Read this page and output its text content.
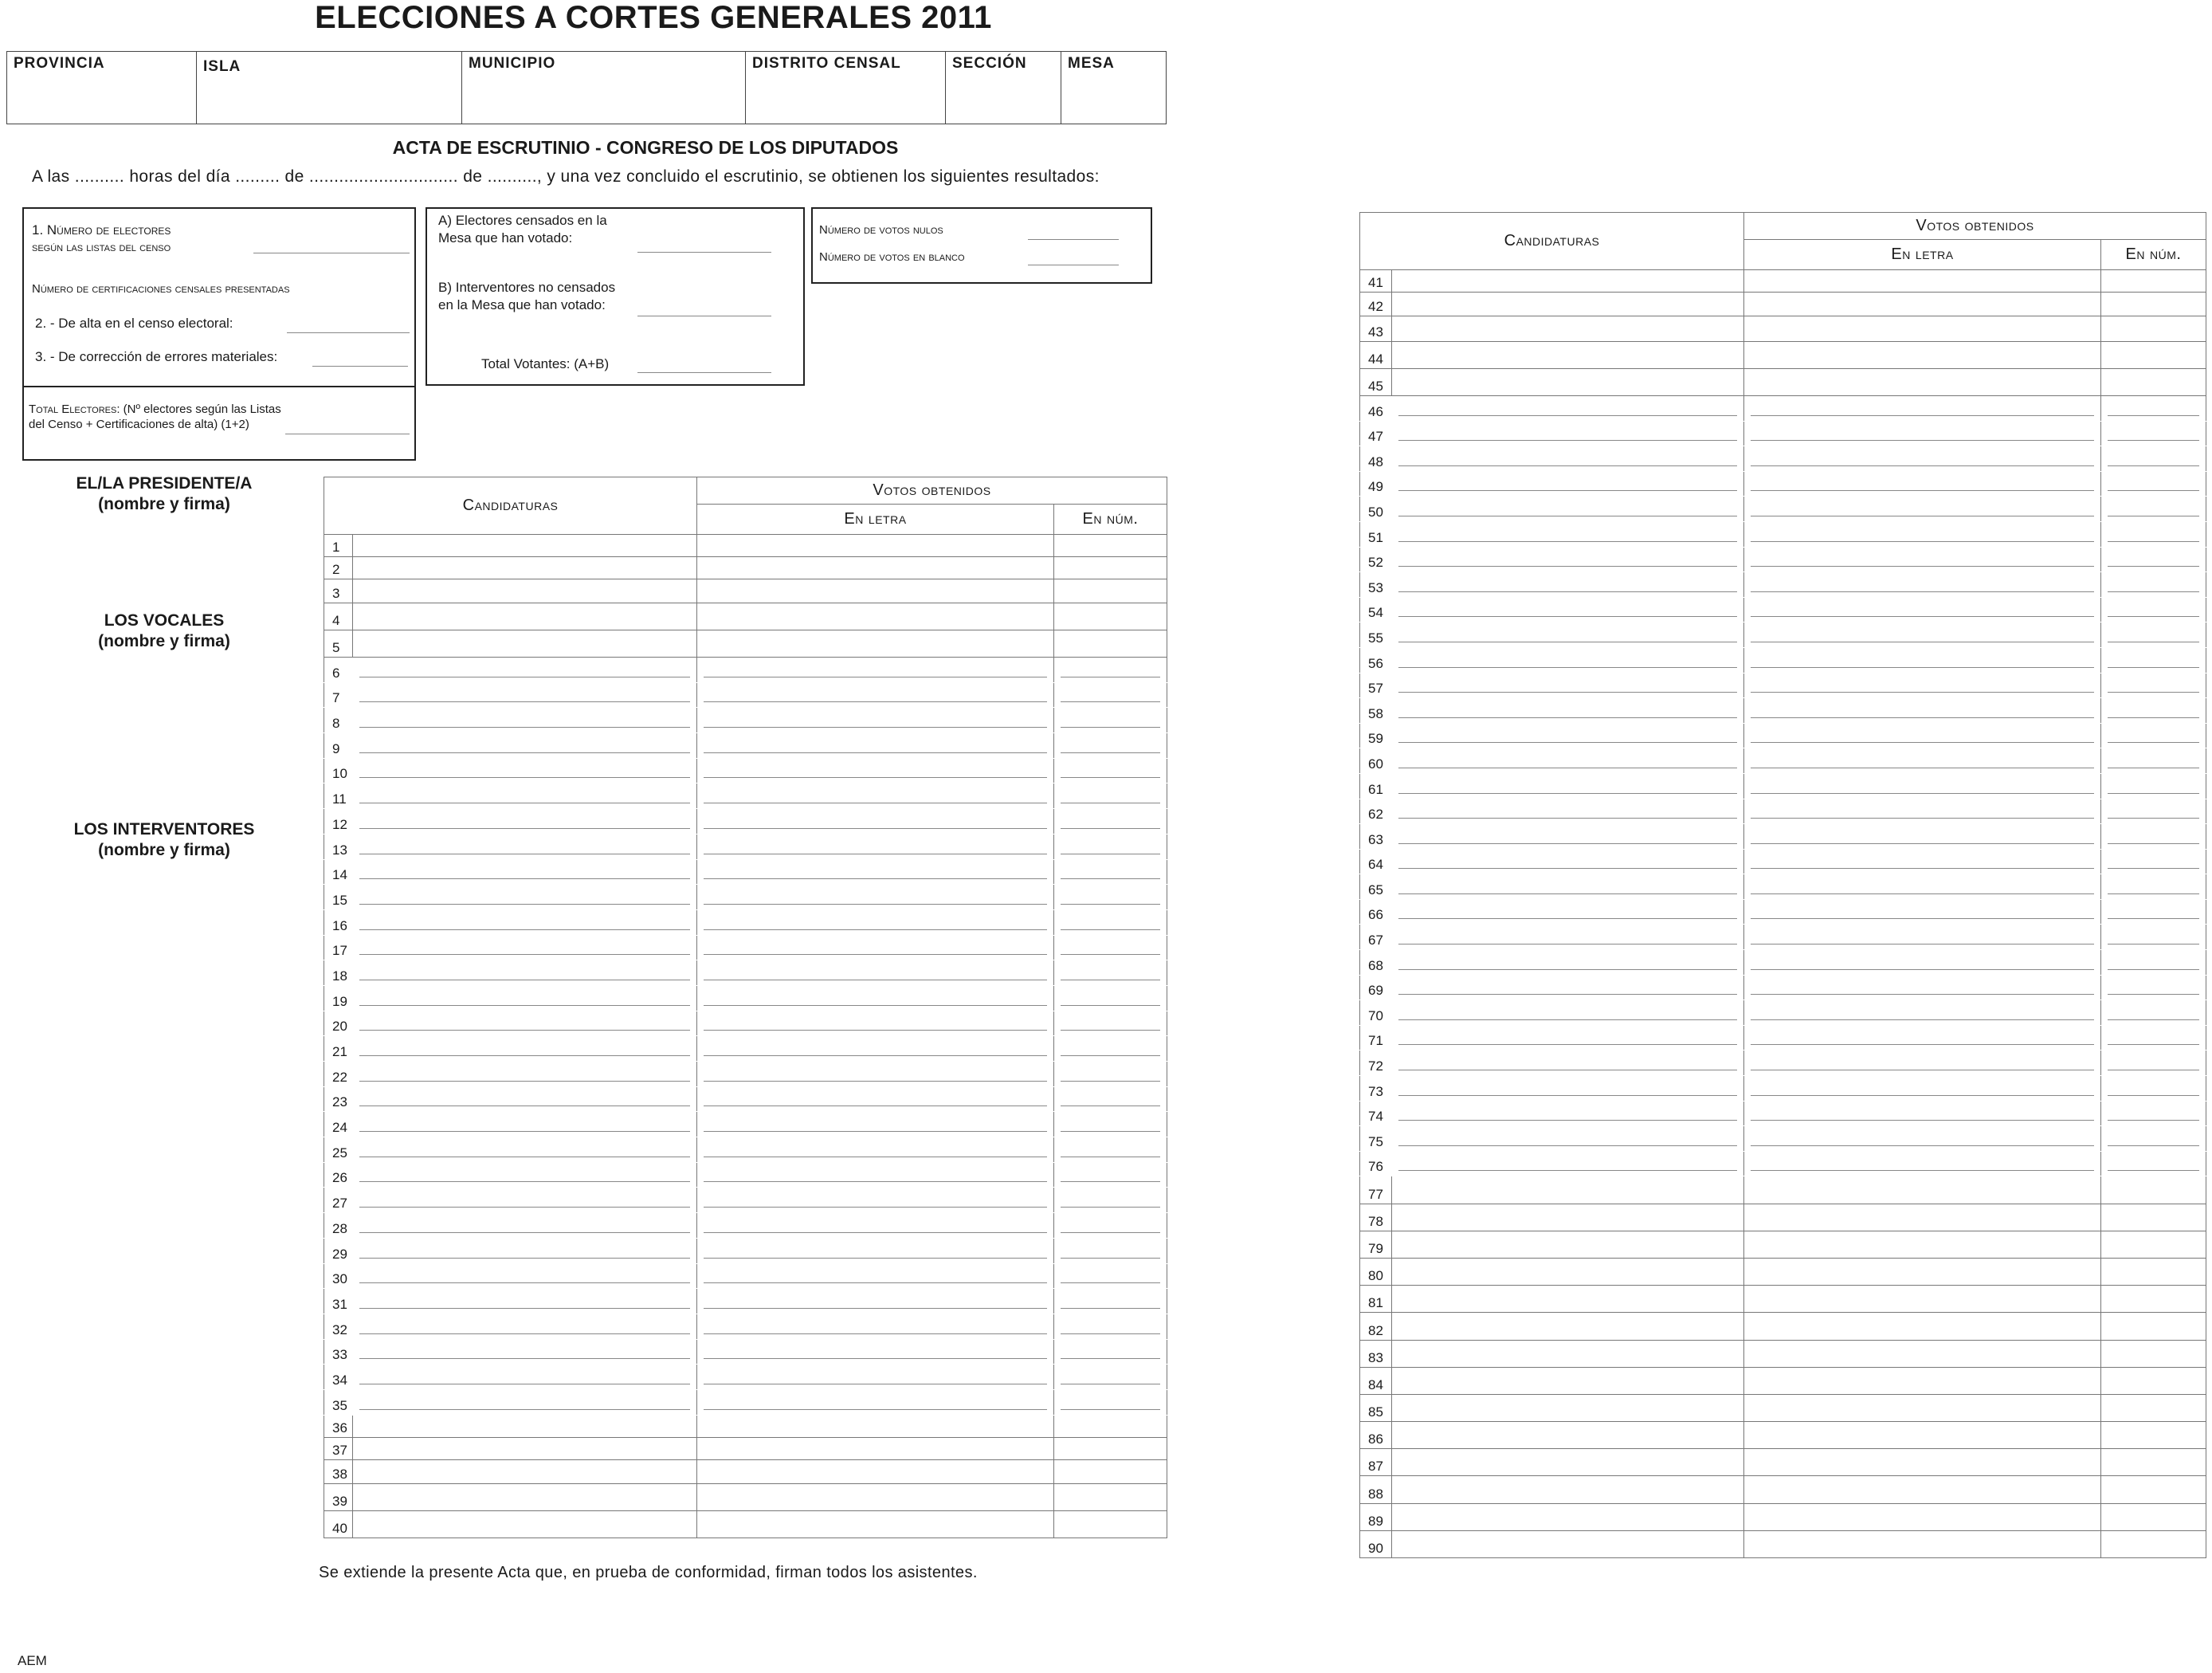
ELECCIONES A CORTES GENERALES 2011
PROVINCIA	ISLA	MUNICIPIO	DISTRITO CENSAL	SECCIÓN	MESA
ACTA DE ESCRUTINIO - CONGRESO DE LOS DIPUTADOS
A las .......... horas del día ......... de .............................. de .........., y una vez concluido el escrutinio, se obtienen los siguientes resultados:
1. Número de electores
según las listas del censo
Número de certificaciones censales presentadas
2. - De alta en el censo electoral:
3. - De corrección de errores materiales:
Total Electores: (Nº electores según las Listas
del Censo + Certificaciones de alta) (1+2)
A) Electores censados en la
Mesa que han votado:
B) Interventores no censados
en la Mesa que han votado:
Total Votantes: (A+B)
Número de votos nulos
Número de votos en blanco
EL/LA PRESIDENTE/A
(nombre y firma)
LOS VOCALES
(nombre y firma)
LOS INTERVENTORES
(nombre y firma)
Candidaturas		Votos obtenidos	
		En letra	En núm.
1			
2			
3			
4			
5			
6			
7			
8			
9			
10			
11			
12			
13			
14			
15			
16			
17			
18			
19			
20			
21			
22			
23			
24			
25			
26			
27			
28			
29			
30			
31			
32			
33			
34			
35			
36			
37			
38			
39			
40			
Candidaturas		Votos obtenidos	
		En letra	En núm.
41			
42			
43			
44			
45			
46			
47			
48			
49			
50			
51			
52			
53			
54			
55			
56			
57			
58			
59			
60			
61			
62			
63			
64			
65			
66			
67			
68			
69			
70			
71			
72			
73			
74			
75			
76			
77			
78			
79			
80			
81			
82			
83			
84			
85			
86			
87			
88			
89			
90			
Se extiende la presente Acta que, en prueba de conformidad, firman todos los asistentes.
AEM
